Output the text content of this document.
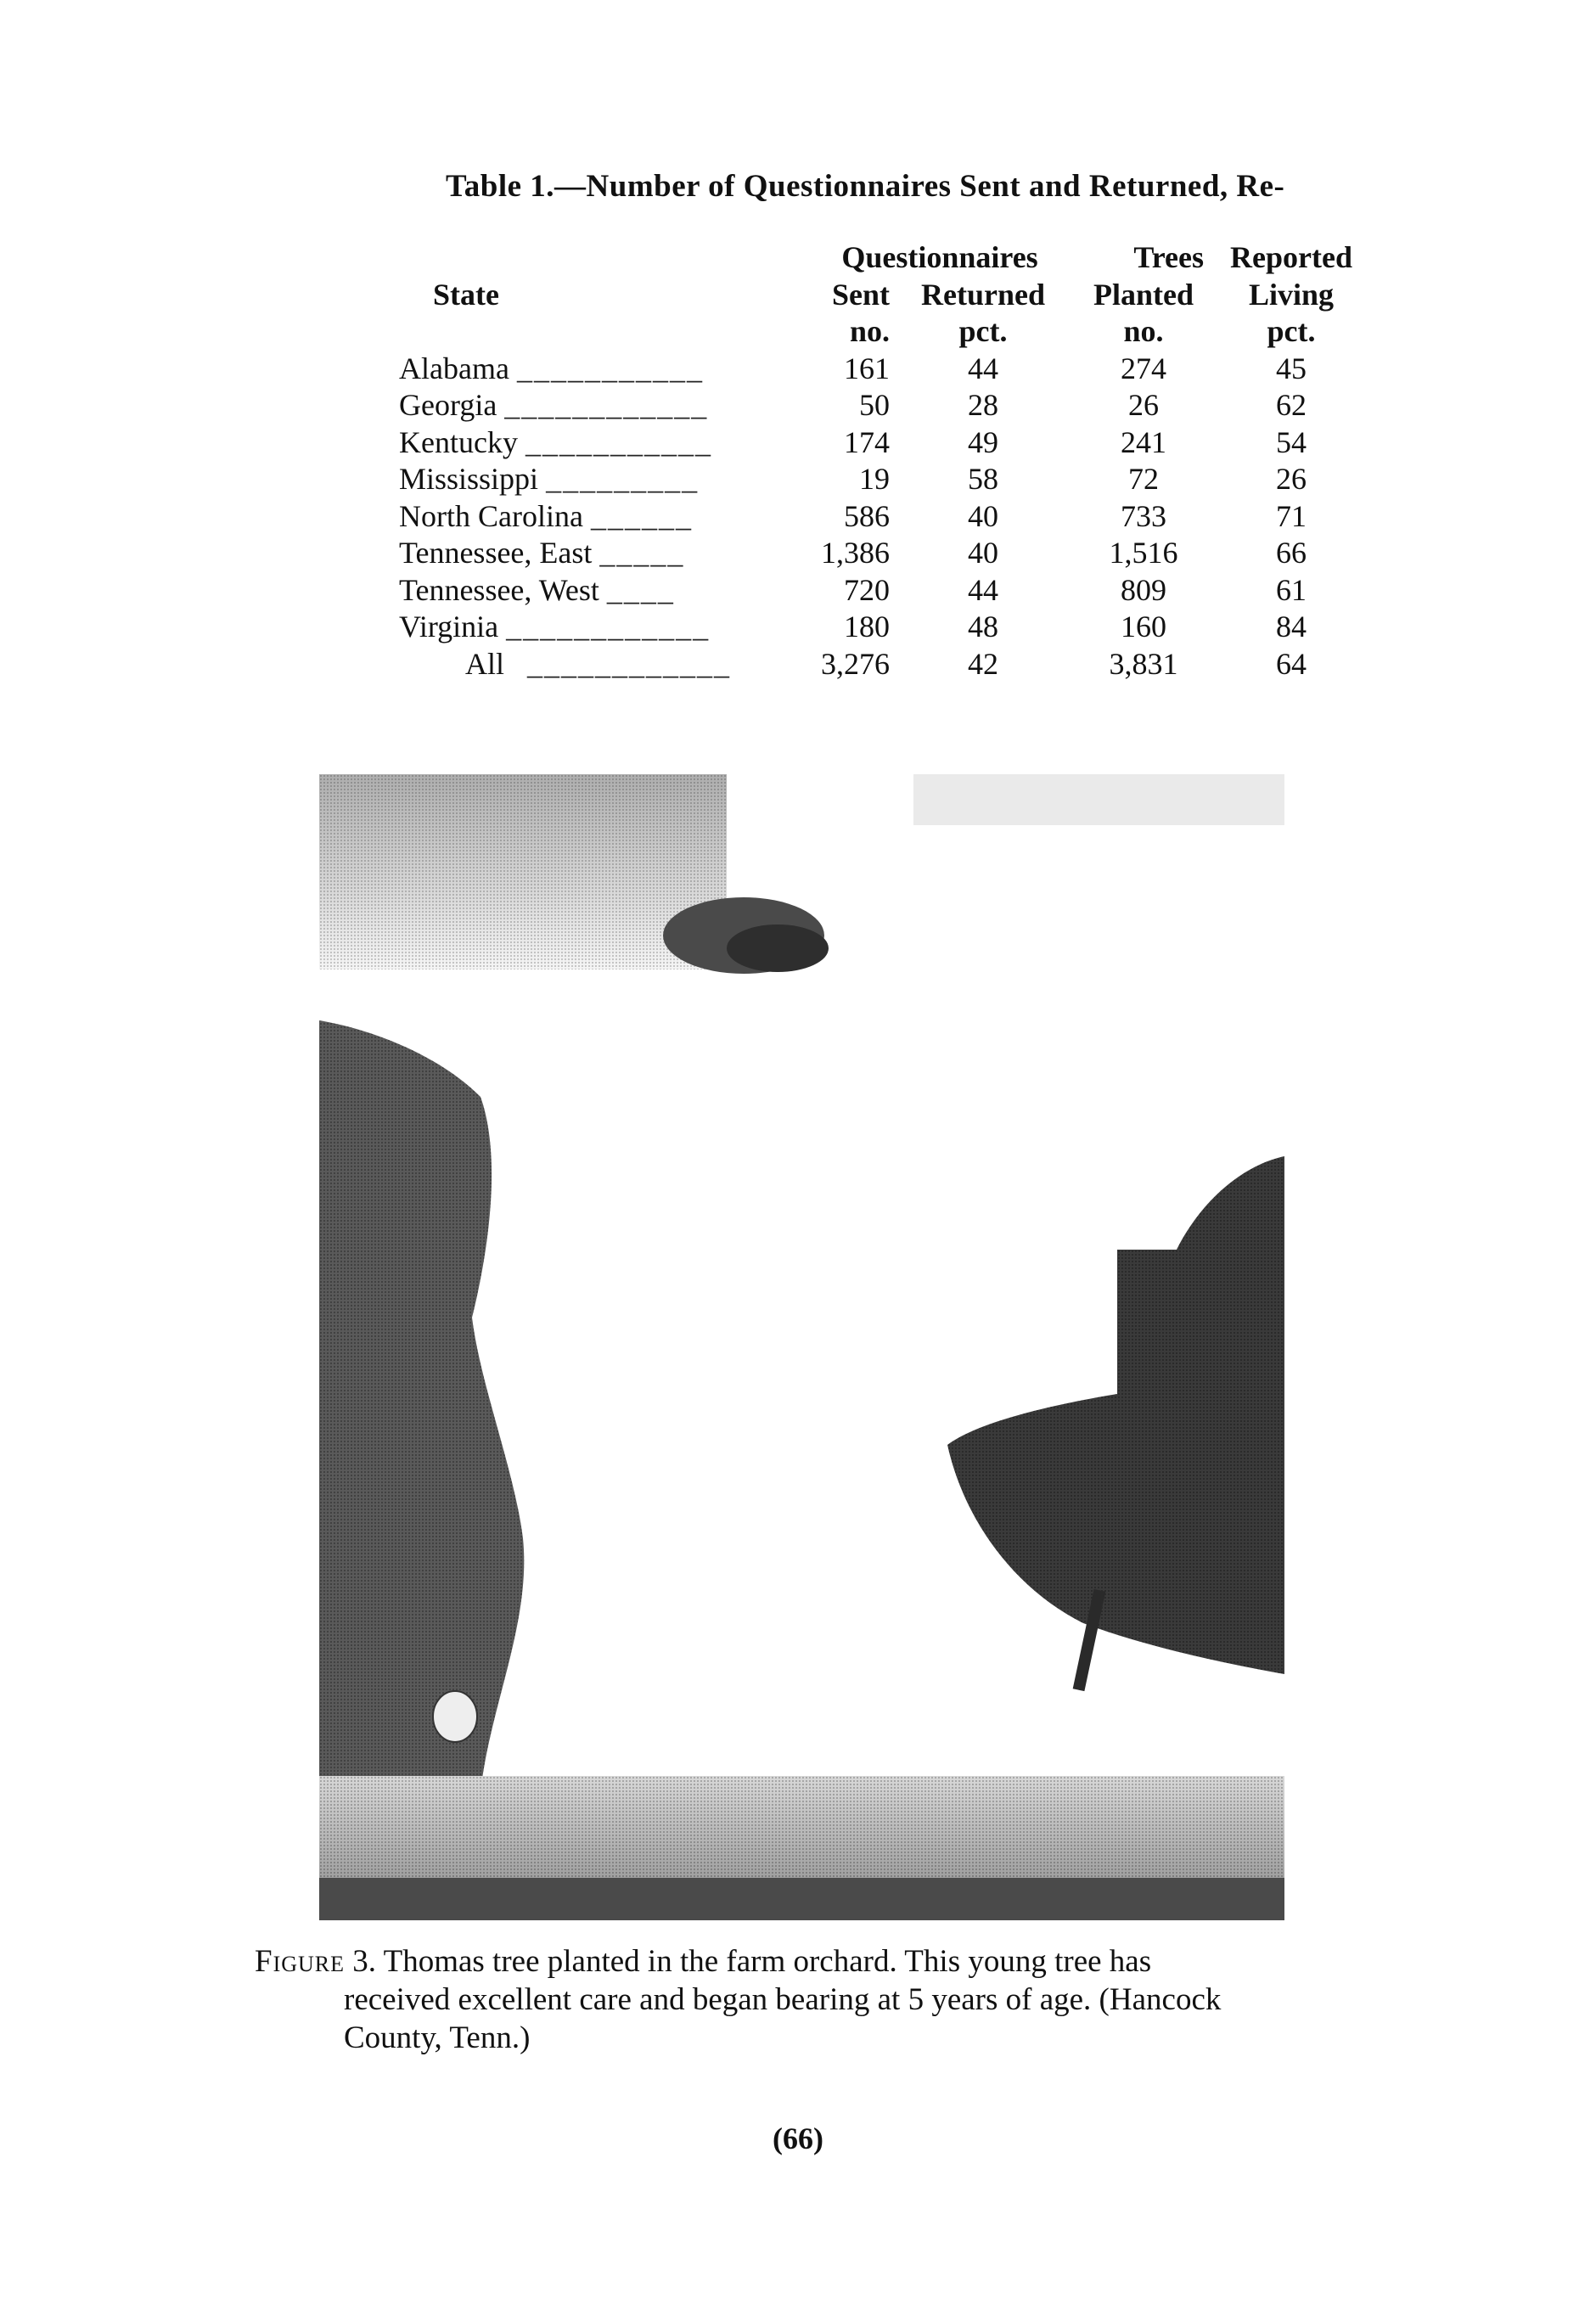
Table 1.—Number of Questionnaires Sent and Returned, Re-
	Questionnaires		Trees	Reported
State	Sent	Returned	Planted	Living
	no.	pct.	no.	pct.
Alabama ___________	161	44	274	45
Georgia ____________	50	28	26	62
Kentucky ___________	174	49	241	54
Mississippi _________	19	58	72	26
North Carolina ______	586	40	733	71
Tennessee, East _____	1,386	40	1,516	66
Tennessee, West ____	720	44	809	61
Virginia ____________	180	48	160	84
All ____________	3,276	42	3,831	64
Figure 3. Thomas tree planted in the farm orchard. This young tree has
received excellent care and began bearing at 5 years of age. (Hancock
County, Tenn.)
(66)
